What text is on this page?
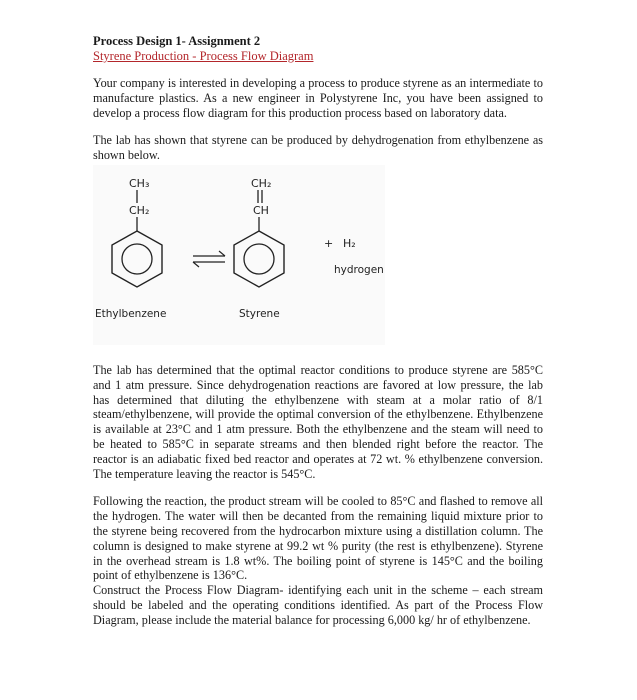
Process Design 1- Assignment 2
Styrene Production - Process Flow Diagram

Your company is interested in developing a process to produce styrene as an intermediate to manufacture plastics. As a new engineer in Polystyrene Inc, you have been assigned to develop a process flow diagram for this production process based on laboratory data.

The lab has shown that styrene can be produced by dehydrogenation from ethylbenzene as shown below.

CH₃
CH₂
CH₂
CH
+ H₂
hydrogen
Ethylbenzene	Styrene

The lab has determined that the optimal reactor conditions to produce styrene are 585°C and 1 atm pressure. Since dehydrogenation reactions are favored at low pressure, the lab has determined that diluting the ethylbenzene with steam at a molar ratio of 8/1 steam/ethylbenzene, will provide the optimal conversion of the ethylbenzene. Ethylbenzene is available at 23°C and 1 atm pressure. Both the ethylbenzene and the steam will need to be heated to 585°C in separate streams and then blended right before the reactor. The reactor is an adiabatic fixed bed reactor and operates at 72 wt. % ethylbenzene conversion. The temperature leaving the reactor is 545°C.

Following the reaction, the product stream will be cooled to 85°C and flashed to remove all the hydrogen. The water will then be decanted from the remaining liquid mixture prior to the styrene being recovered from the hydrocarbon mixture using a distillation column. The column is designed to make styrene at 99.2 wt % purity (the rest is ethylbenzene). Styrene in the overhead stream is 1.8 wt%. The boiling point of styrene is 145°C and the boiling point of ethylbenzene is 136°C.

Construct the Process Flow Diagram- identifying each unit in the scheme – each stream should be labeled and the operating conditions identified. As part of the Process Flow Diagram, please include the material balance for processing 6,000 kg/ hr of ethylbenzene.
